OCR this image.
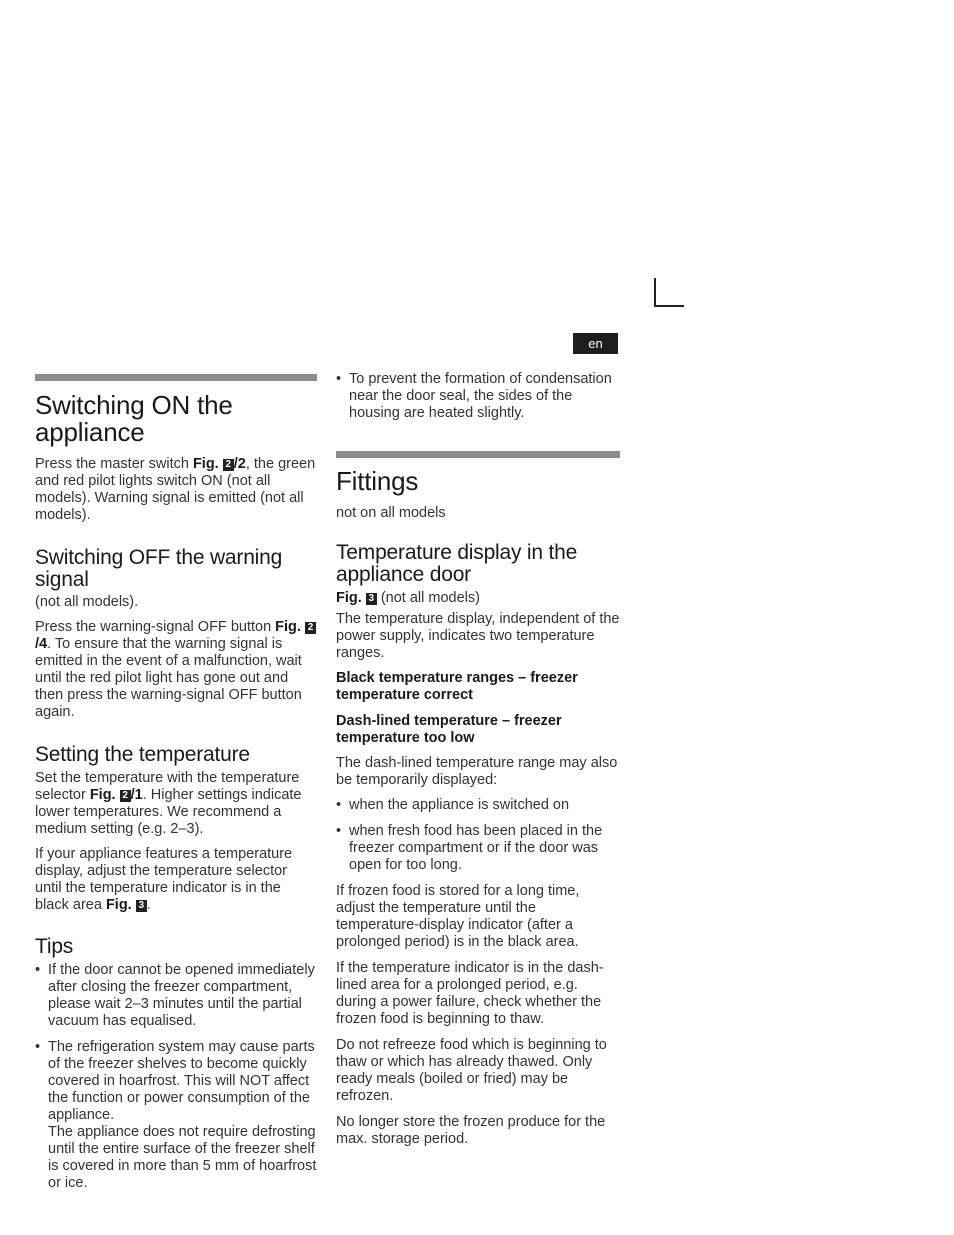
en
Switching ON the appliance

Press the master switch Fig. 2 /2, the green and red pilot lights switch ON (not all models). Warning signal is emitted (not all models).

Switching OFF the warning signal

(not all models).

Press the warning-signal OFF button Fig. 2/4. To ensure that the warning signal is emitted in the event of a malfunction, wait until the red pilot light has gone out and then press the warning-signal OFF button again.

Setting the temperature

Set the temperature with the temperature selector Fig. 2 /1. Higher settings indicate lower temperatures. We recommend a medium setting (e.g. 2–3).

If your appliance features a temperature display, adjust the temperature selector until the temperature indicator is in the black area Fig. 3 .

Tips
• If the door cannot be opened immediately after closing the freezer compartment, please wait 2–3 minutes until the partial vacuum has equalised.
• The refrigeration system may cause parts of the freezer shelves to become quickly covered in hoarfrost. This will NOT affect the function or power consumption of the appliance.
The appliance does not require defrosting until the entire surface of the freezer shelf is covered in more than 5 mm of hoarfrost or ice.
• To prevent the formation of condensation near the door seal, the sides of the housing are heated slightly.
Fittings

not on all models

Temperature display in the appliance door

Fig. 3 (not all models)

The temperature display, independent of the power supply, indicates two temperature ranges.

Black temperature ranges – freezer temperature correct

Dash-lined temperature – freezer temperature too low

The dash-lined temperature range may also be temporarily displayed:

• when the appliance is switched on
• when fresh food has been placed in the freezer compartment or if the door was open for too long.

If frozen food is stored for a long time, adjust the temperature until the temperature-display indicator (after a prolonged period) is in the black area.

If the temperature indicator is in the dash-lined area for a prolonged period, e.g. during a power failure, check whether the frozen food is beginning to thaw.

Do not refreeze food which is beginning to thaw or which has already thawed. Only ready meals (boiled or fried) may be refrozen.

No longer store the frozen produce for the max. storage period.
